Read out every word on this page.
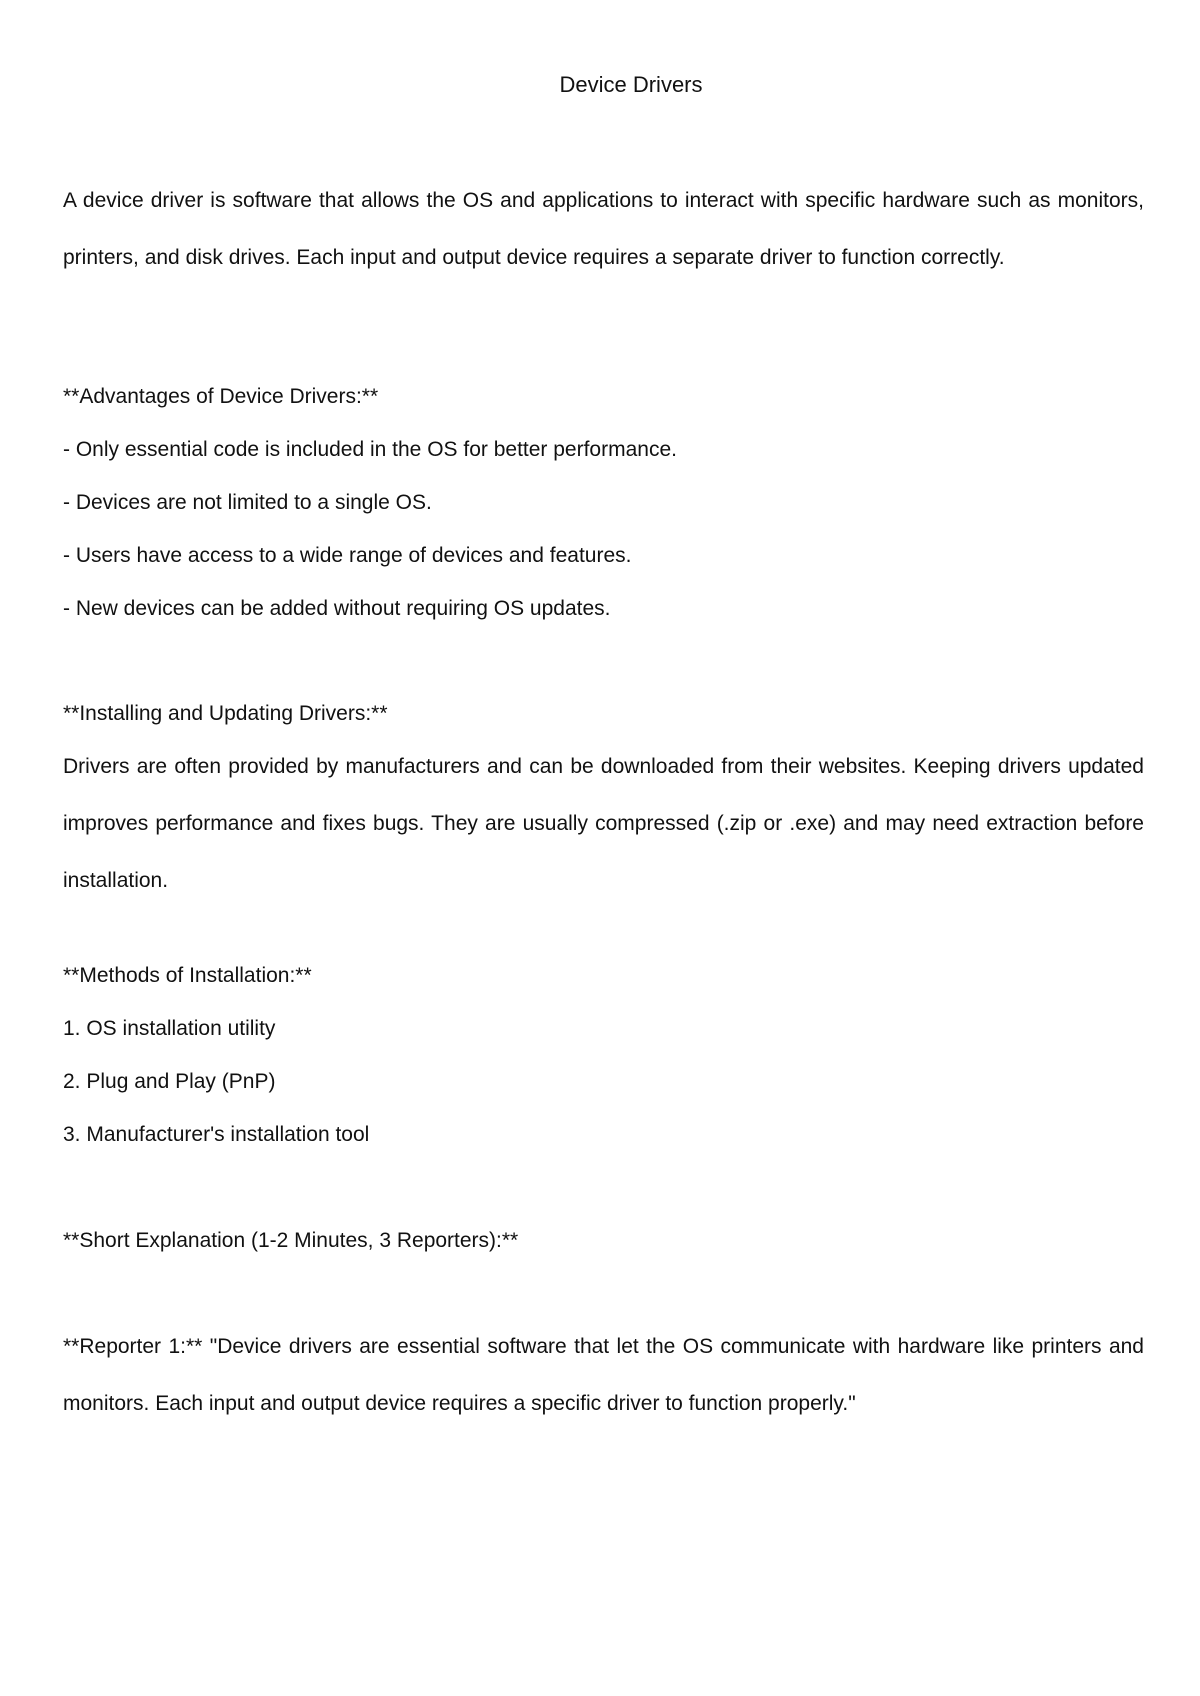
Device Drivers

A device driver is software that allows the OS and applications to interact with specific hardware such as monitors, printers, and disk drives. Each input and output device requires a separate driver to function correctly.

**Advantages of Device Drivers:**
- Only essential code is included in the OS for better performance.
- Devices are not limited to a single OS.
- Users have access to a wide range of devices and features.
- New devices can be added without requiring OS updates.
**Installing and Updating Drivers:**

Drivers are often provided by manufacturers and can be downloaded from their websites. Keeping drivers updated improves performance and fixes bugs. They are usually compressed (.zip or .exe) and may need extraction before installation.

**Methods of Installation:**
1. OS installation utility
2. Plug and Play (PnP)
3. Manufacturer's installation tool
**Short Explanation (1-2 Minutes, 3 Reporters):**

**Reporter 1:** "Device drivers are essential software that let the OS communicate with hardware like printers and monitors. Each input and output device requires a specific driver to function properly."
